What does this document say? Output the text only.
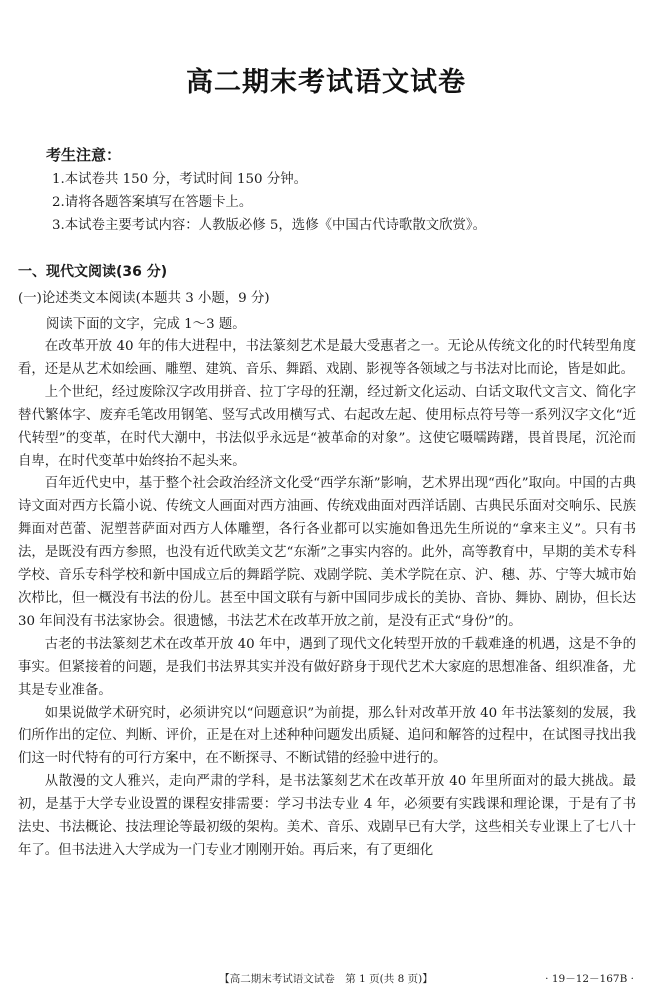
高二期末考试语文试卷
考生注意：
1.本试卷共 150 分，考试时间 150 分钟。
2.请将各题答案填写在答题卡上。
3.本试卷主要考试内容：人教版必修 5，选修《中国古代诗歌散文欣赏》。
一、现代文阅读(36 分)
(一)论述类文本阅读(本题共 3 小题，9 分)
阅读下面的文字，完成 1～3 题。

在改革开放 40 年的伟大进程中，书法篆刻艺术是最大受惠者之一。无论从传统文化的时代转型角度看，还是从艺术如绘画、雕塑、建筑、音乐、舞蹈、戏剧、影视等各领域之与书法对比而论，皆是如此。

上个世纪，经过废除汉字改用拼音、拉丁字母的狂潮，经过新文化运动、白话文取代文言文、简化字替代繁体字、废弃毛笔改用钢笔、竖写式改用横写式、右起改左起、使用标点符号等一系列汉字文化“近代转型”的变革，在时代大潮中，书法似乎永远是“被革命的对象”。这使它嗫嚅踌躇，畏首畏尾，沉沦而自卑，在时代变革中始终抬不起头来。

百年近代史中，基于整个社会政治经济文化受“西学东渐”影响，艺术界出现“西化”取向。中国的古典诗文面对西方长篇小说、传统文人画面对西方油画、传统戏曲面对西洋话剧、古典民乐面对交响乐、民族舞面对芭蕾、泥塑菩萨面对西方人体雕塑，各行各业都可以实施如鲁迅先生所说的“拿来主义”。只有书法，是既没有西方参照，也没有近代欧美文艺“东渐”之事实内容的。此外，高等教育中，早期的美术专科学校、音乐专科学校和新中国成立后的舞蹈学院、戏剧学院、美术学院在京、沪、穗、苏、宁等大城市始次栉比，但一概没有书法的份儿。甚至中国文联有与新中国同步成长的美协、音协、舞协、剧协，但长达 30 年间没有书法家协会。很遗憾，书法艺术在改革开放之前，是没有正式“身份”的。

古老的书法篆刻艺术在改革开放 40 年中，遇到了现代文化转型开放的千载难逢的机遇，这是不争的事实。但紧接着的问题，是我们书法界其实并没有做好跻身于现代艺术大家庭的思想准备、组织准备，尤其是专业准备。

如果说做学术研究时，必须讲究以“问题意识”为前提，那么针对改革开放 40 年书法篆刻的发展，我们所作出的定位、判断、评价，正是在对上述种种问题发出质疑、追问和解答的过程中，在试图寻找出我们这一时代特有的可行方案中，在不断探寻、不断试错的经验中进行的。

从散漫的文人雅兴，走向严肃的学科，是书法篆刻艺术在改革开放 40 年里所面对的最大挑战。最初，是基于大学专业设置的课程安排需要：学习书法专业 4 年，必须要有实践课和理论课，于是有了书法史、书法概论、技法理论等最初级的架构。美术、音乐、戏剧早已有大学，这些相关专业课上了七八十年了。但书法进入大学成为一门专业才刚刚开始。再后来，有了更细化

【高二期末考试语文试卷　第 1 页(共 8 页)】	· 19－12－167B ·
